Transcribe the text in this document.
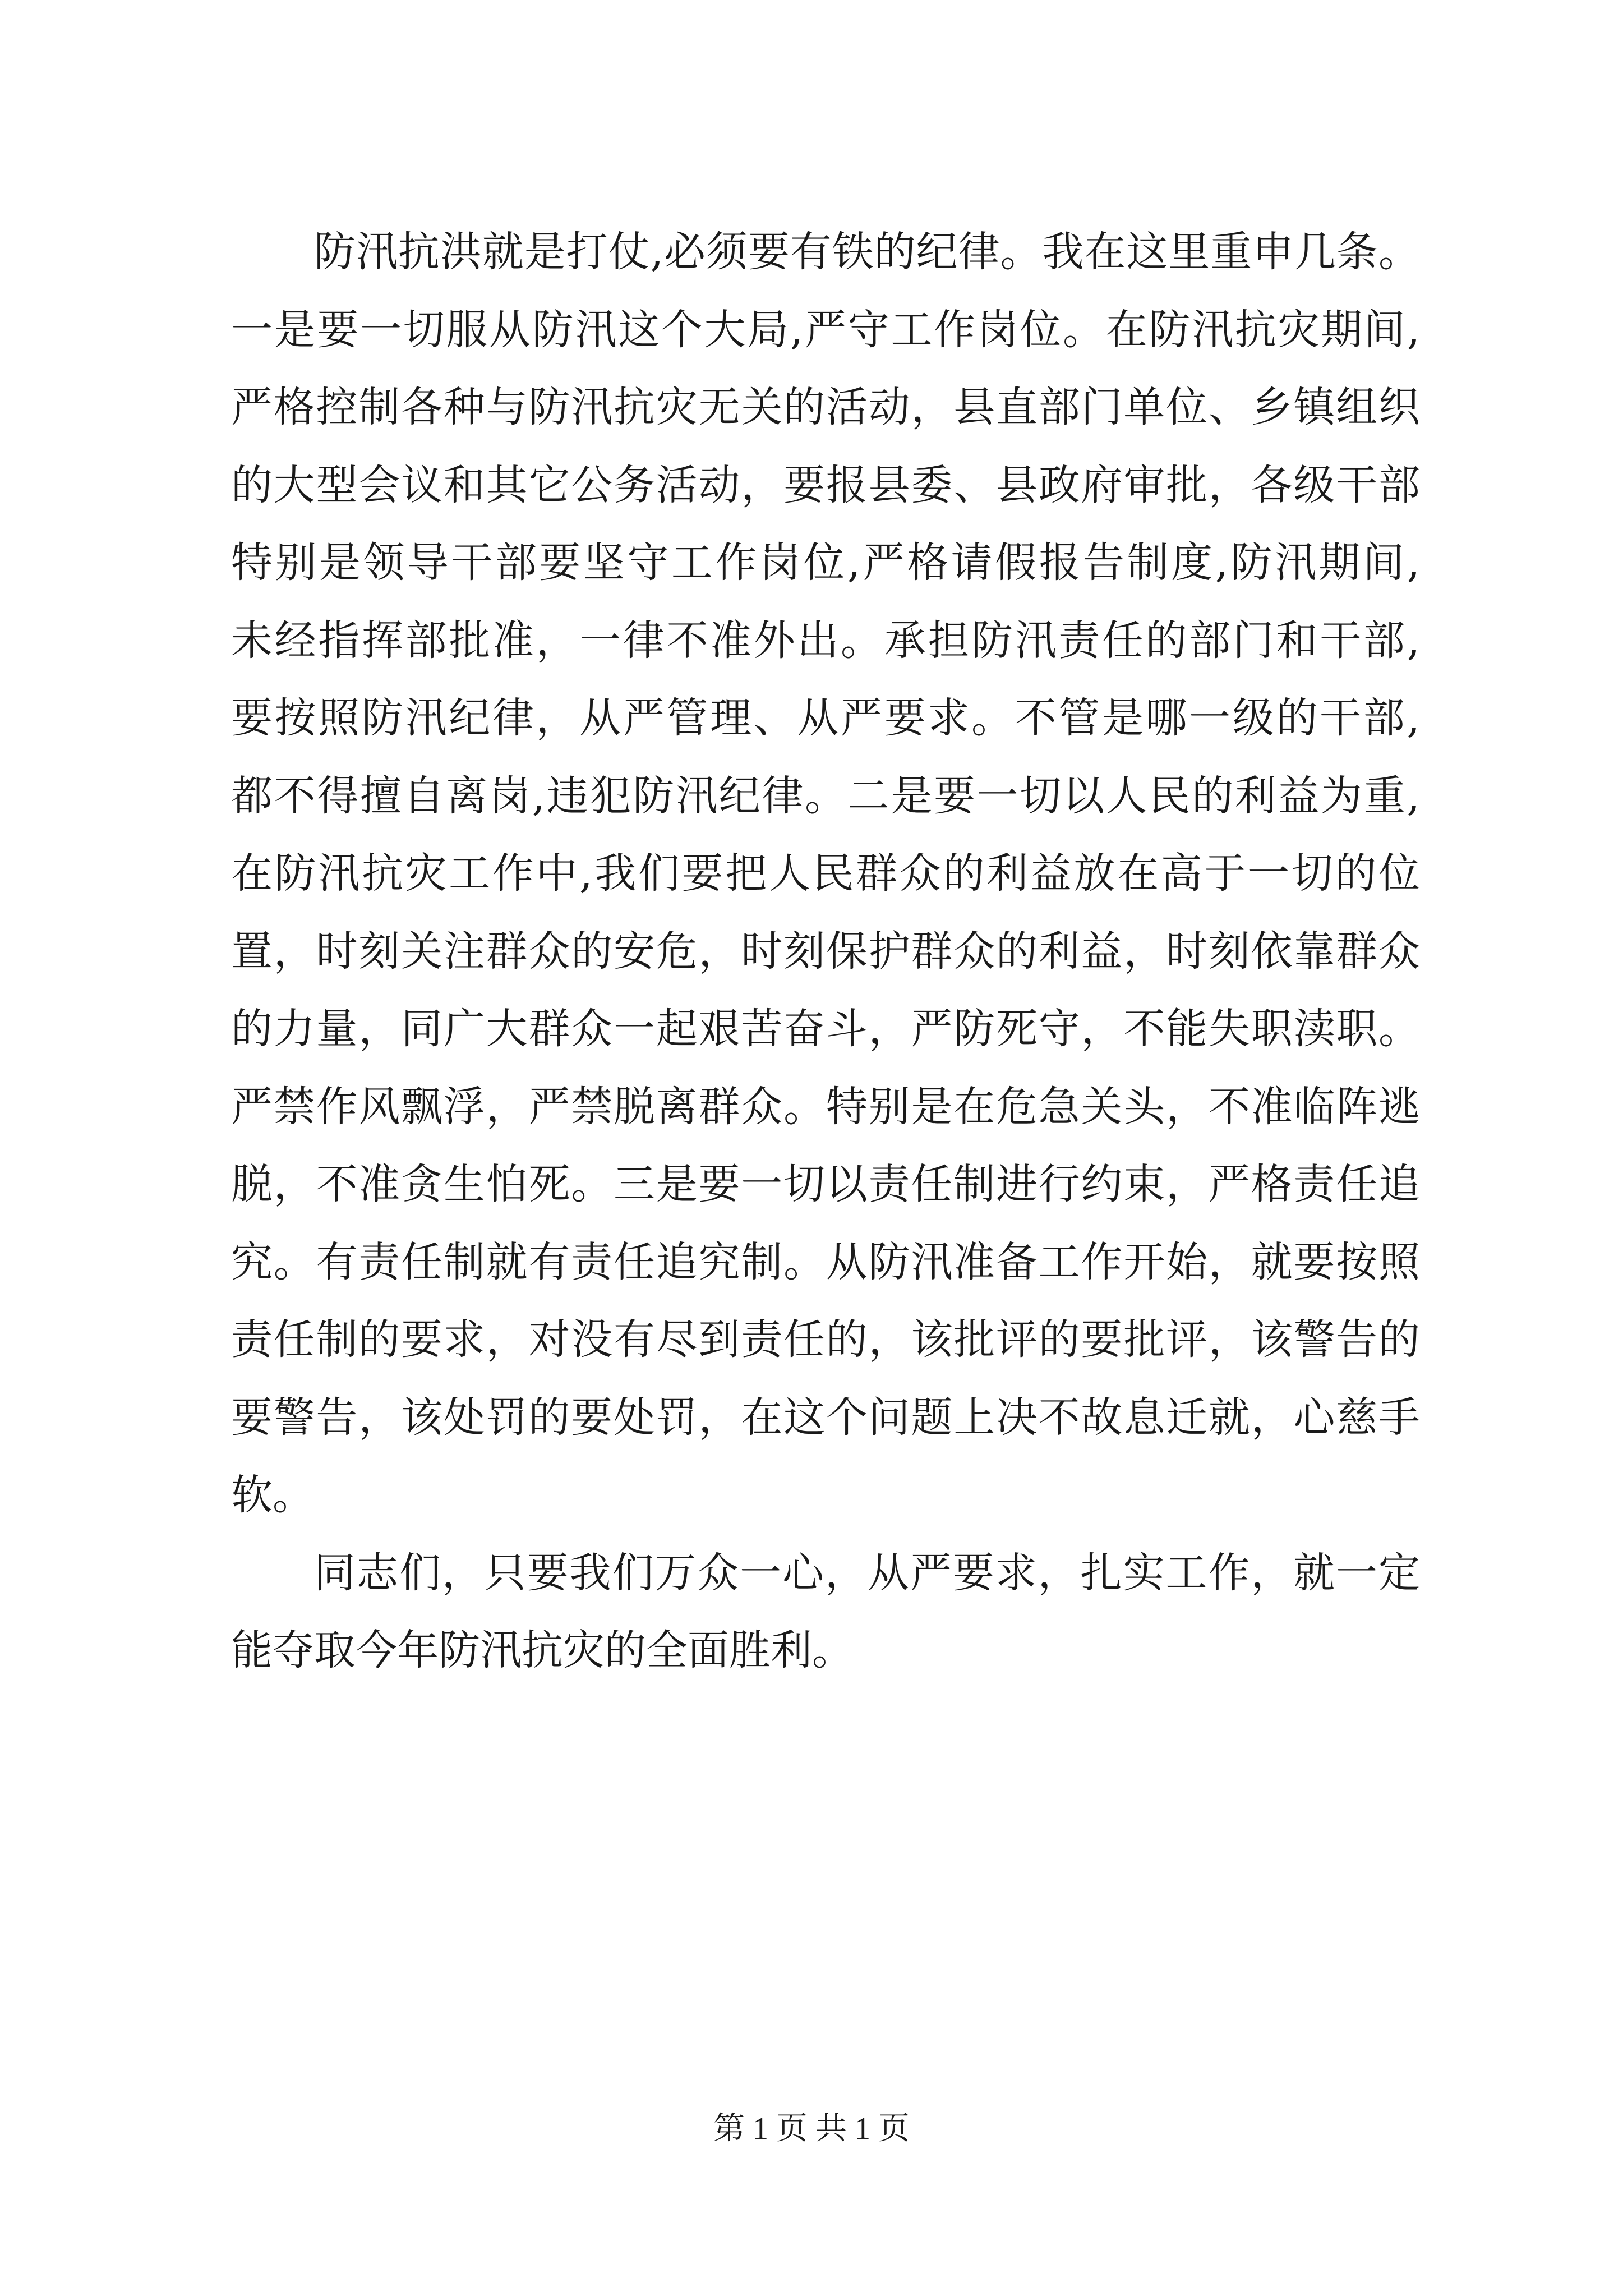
防汛抗洪就是打仗,必须要有铁的纪律。我在这里重申几条。
一是要一切服从防汛这个大局,严守工作岗位。在防汛抗灾期间,
严格控制各种与防汛抗灾无关的活动，县直部门单位、乡镇组织
的大型会议和其它公务活动，要报县委、县政府审批，各级干部
特别是领导干部要坚守工作岗位,严格请假报告制度,防汛期间,
未经指挥部批准，一律不准外出。承担防汛责任的部门和干部,
要按照防汛纪律，从严管理、从严要求。不管是哪一级的干部,
都不得擅自离岗,违犯防汛纪律。二是要一切以人民的利益为重,
在防汛抗灾工作中,我们要把人民群众的利益放在高于一切的位
置，时刻关注群众的安危，时刻保护群众的利益，时刻依靠群众
的力量，同广大群众一起艰苦奋斗，严防死守，不能失职渎职。
严禁作风飘浮，严禁脱离群众。特别是在危急关头，不准临阵逃
脱，不准贪生怕死。三是要一切以责任制进行约束，严格责任追
究。有责任制就有责任追究制。从防汛准备工作开始，就要按照
责任制的要求，对没有尽到责任的，该批评的要批评，该警告的
要警告，该处罚的要处罚，在这个问题上决不故息迁就，心慈手
软。
同志们，只要我们万众一心，从严要求，扎实工作，就一定
能夺取今年防汛抗灾的全面胜利。
第 1 页 共 1 页
